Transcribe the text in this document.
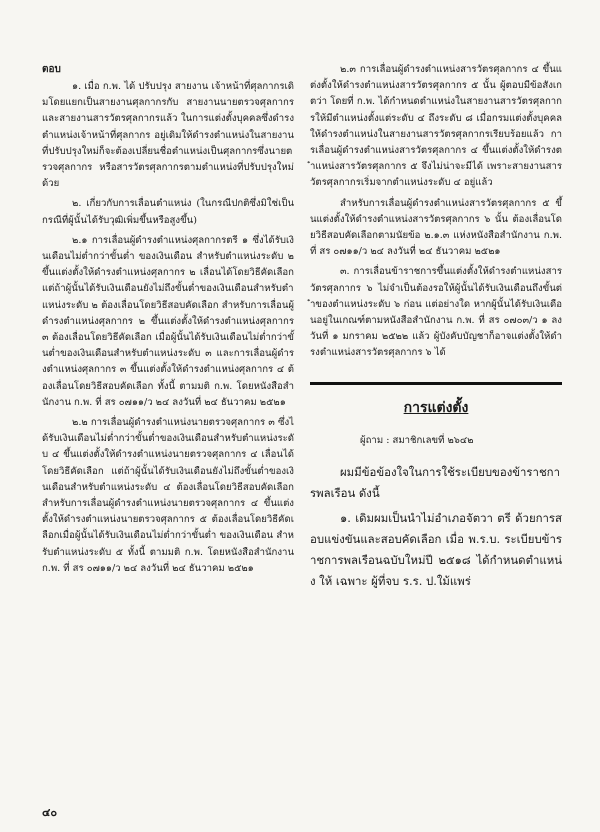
ตอบ

๑. เมื่อ ก.พ. ได้ ปรับปรุง สายงาน เจ้าหน้าที่ศุลกากรเดิมโดยแยกเป็นสายงานศุลกากรกับ สายงานนายตรวจศุลกากร และสายงานสารวัตรศุลกากรแล้ว ในการแต่งตั้งบุคคลซึ่งดำรงตำแหน่งเจ้าหน้าที่ศุลกากร อยู่เดิมให้ดำรงตำแหน่งในสายงานที่ปรับปรุงใหม่ก็จะต้องเปลี่ยนชื่อตำแหน่งเป็นศุลกากรซึ่งนายตรวจศุลกากร หรือสารวัตรศุลกากรตามตำแหน่งที่ปรับปรุงใหม่ด้วย

๒. เกี่ยวกับการเลื่อนตำแหน่ง (ในกรณีปกติซึ่งมิใช่เป็นกรณีที่ผู้นั้นได้รับวุฒิเพิ่มขึ้นหรือสูงขึ้น)

๒.๑ การเลื่อนผู้ดำรงตำแหน่งศุลกากรตรี ๑ ซึ่งได้รับเงินเดือนไม่ต่ำกว่าขั้นต่ำ ของเงินเดือน สำหรับตำแหน่งระดับ ๒ ขึ้นแต่งตั้งให้ดำรงตำแหน่งศุลกากร ๒ เลื่อนได้โดยวิธีคัดเลือก แต่ถ้าผู้นั้นได้รับเงินเดือนยังไม่ถึงขั้นต่ำของเงินเดือนสำหรับตำแหน่งระดับ ๒ ต้องเลื่อนโดยวิธีสอบคัดเลือก สำหรับการเลื่อนผู้ดำรงตำแหน่งศุลกากร ๒ ขึ้นแต่งตั้งให้ดำรงตำแหน่งศุลกากร ๓ ต้องเลื่อนโดยวิธีคัดเลือก เมื่อผู้นั้นได้รับเงินเดือนไม่ต่ำกว่าขั้นต่ำของเงินเดือนสำหรับตำแหน่งระดับ ๓ และการเลื่อนผู้ดำรงตำแหน่งศุลกากร ๓ ขึ้นแต่งตั้งให้ดำรงตำแหน่งศุลกากร ๔ ต้องเลื่อนโดยวิธีสอบคัดเลือก ทั้งนี้ ตามมติ ก.พ. โดยหนังสือสำนักงาน ก.พ. ที่ สร ๐๗๑๑/ว ๒๔ ลงวันที่ ๒๔ ธันวาคม ๒๕๒๑

๒.๒ การเลื่อนผู้ดำรงตำแหน่งนายตรวจศุลกากร ๓ ซึ่งได้รับเงินเดือนไม่ต่ำกว่าขั้นต่ำของเงินเดือนสำหรับตำแหน่งระดับ ๔ ขึ้นแต่งตั้งให้ดำรงตำแหน่งนายตรวจศุลกากร ๔ เลื่อนได้โดยวิธีคัดเลือก แต่ถ้าผู้นั้นได้รับเงินเดือนยังไม่ถึงขั้นต่ำของเงินเดือนสำหรับตำแหน่งระดับ ๔ ต้องเลื่อนโดยวิธีสอบคัดเลือก สำหรับการเลื่อนผู้ดำรงตำแหน่งนายตรวจศุลกากร ๔ ขึ้นแต่งตั้งให้ดำรงตำแหน่งนายตรวจศุลกากร ๕ ต้องเลื่อนโดยวิธีคัดเลือกเมื่อผู้นั้นได้รับเงินเดือนไม่ต่ำกว่าขั้นต่ำ ของเงินเดือน สำหรับตำแหน่งระดับ ๕ ทั้งนี้ ตามมติ ก.พ. โดยหนังสือสำนักงาน ก.พ. ที่ สร ๐๗๑๑/ว ๒๔ ลงวันที่ ๒๔ ธันวาคม ๒๕๒๑

๒.๓ การเลื่อนผู้ดำรงตำแหน่งสารวัตรศุลกากร ๔ ขึ้นแต่งตั้งให้ดำรงตำแหน่งสารวัตรศุลกากร ๕ นั้น ผู้ตอบมีข้อสังเกตว่า โดยที่ ก.พ. ได้กำหนดตำแหน่งในสายงานสารวัตรศุลกากรให้มีตำแหน่งตั้งแต่ระดับ ๔ ถึงระดับ ๘ เมื่อกรมแต่งตั้งบุคคลให้ดำรงตำแหน่งในสายงานสารวัตรศุลกากรเรียบร้อยแล้ว การเลื่อนผู้ดำรงตำแหน่งสารวัตรศุลกากร ๔ ขึ้นแต่งตั้งให้ดำรงตำแหน่งสารวัตรศุลกากร ๕ จึงไม่น่าจะมีได้ เพราะสายงานสารวัตรศุลกากรเริ่มจากตำแหน่งระดับ ๔ อยู่แล้ว

สำหรับการเลื่อนผู้ดำรงตำแหน่งสารวัตรศุลกากร ๕ ขึ้นแต่งตั้งให้ดำรงตำแหน่งสารวัตรศุลกากร ๖ นั้น ต้องเลื่อนโดยวิธีสอบคัดเลือกตามนัยข้อ ๒.๑.๓ แห่งหนังสือสำนักงาน ก.พ. ที่ สร ๐๗๑๑/ว ๒๔ ลงวันที่ ๒๔ ธันวาคม ๒๕๒๑

๓. การเลื่อนข้าราชการขึ้นแต่งตั้งให้ดำรงตำแหน่งสารวัตรศุลกากร ๖ ไม่จำเป็นต้องรอให้ผู้นั้นได้รับเงินเดือนถึงขั้นต่ำของตำแหน่งระดับ ๖ ก่อน แต่อย่างใด หากผู้นั้นได้รับเงินเดือนอยู่ในเกณฑ์ตามหนังสือสำนักงาน ก.พ. ที่ สร ๐๗๐๓/ว ๑ ลงวันที่ ๑ มกราคม ๒๕๒๒ แล้ว ผู้บังคับบัญชาก็อาจแต่งตั้งให้ดำรงตำแหน่งสารวัตรศุลกากร ๖ ได้

การแต่งตั้ง

ผู้ถาม : สมาชิกเลขที่ ๒๖๔๒

ผมมีข้อข้องใจในการใช้ระเบียบของข้าราชการพลเรือน ดังนี้

๑. เดิมผมเป็นนำไม่อำเภอจัตวา ตรี ด้วยการสอบแข่งขันและสอบคัดเลือก เมื่อ พ.ร.บ. ระเบียบข้าราชการพลเรือนฉบับใหม่ปี ๒๕๑๘ ได้กำหนดตำแหน่ง ให้ เฉพาะ ผู้ที่จบ ร.ร. ป.ใม้แพร่

๔๐
